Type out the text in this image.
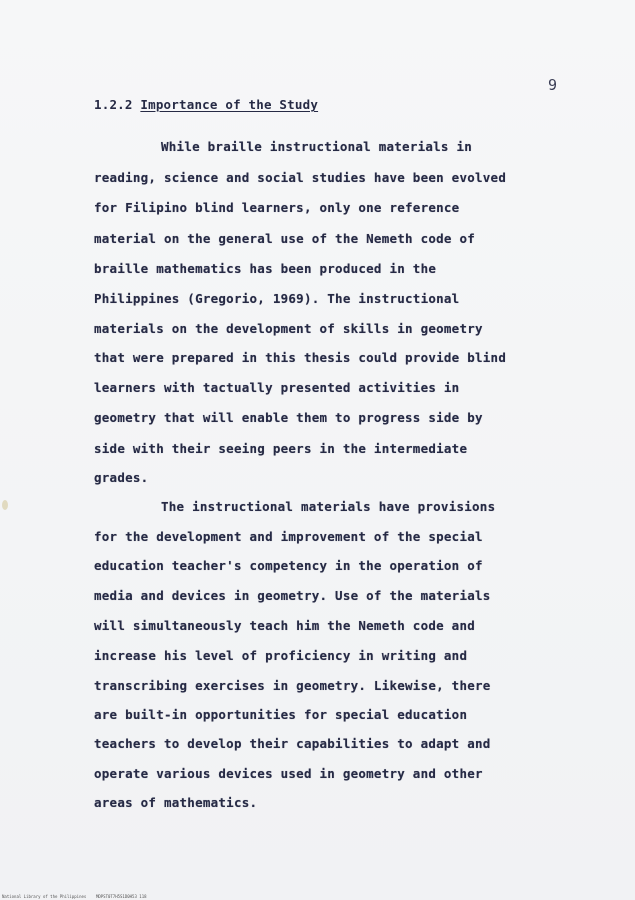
9
1.2.2 Importance of the Study
While braille instructional materials in
reading, science and social studies have been evolved
for Filipino blind learners, only one reference
material on the general use of the Nemeth code of
braille mathematics has been produced in the
Philippines (Gregorio, 1969). The instructional
materials on the development of skills in geometry
that were prepared in this thesis could provide blind
learners with tactually presented activities in
geometry that will enable them to progress side by
side with their seeing peers in the intermediate
grades.
The instructional materials have provisions
for the development and improvement of the special
education teacher's competency in the operation of
media and devices in geometry. Use of the materials
will simultaneously teach him the Nemeth code and
increase his level of proficiency in writing and
transcribing exercises in geometry. Likewise, there
are built-in opportunities for special education
teachers to develop their capabilities to adapt and
operate various devices used in geometry and other
areas of mathematics.
National Library of the Philippines MDPST0T7H5S1D0H53 118
